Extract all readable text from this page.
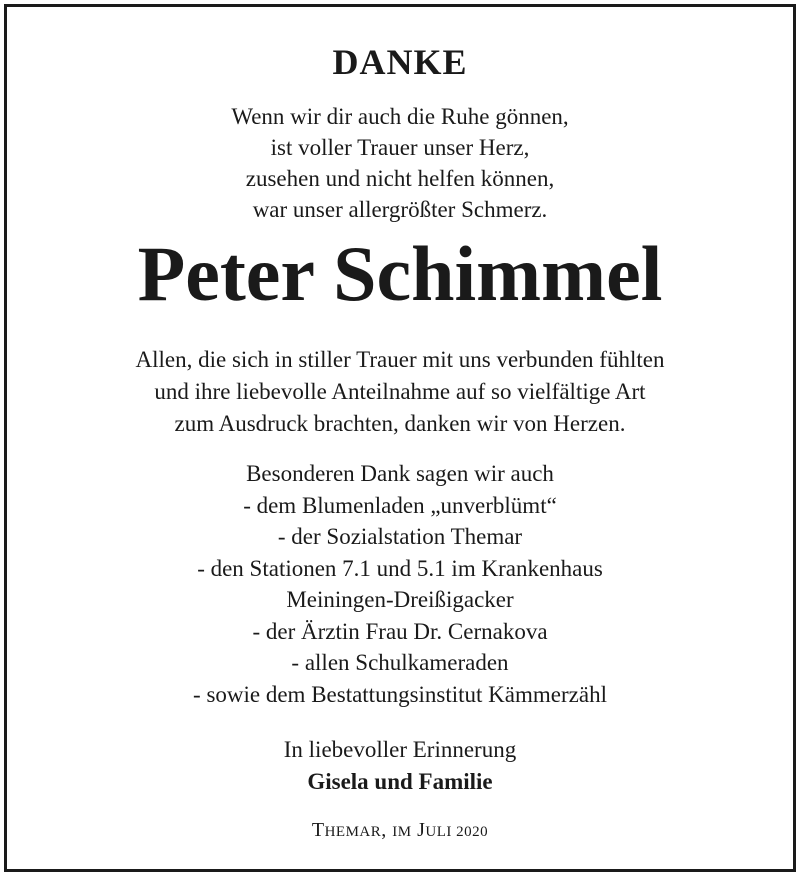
DANKE
Wenn wir dir auch die Ruhe gönnen,
ist voller Trauer unser Herz,
zusehen und nicht helfen können,
war unser allergrößter Schmerz.
Peter Schimmel
Allen, die sich in stiller Trauer mit uns verbunden fühlten
und ihre liebevolle Anteilnahme auf so vielfältige Art
zum Ausdruck brachten, danken wir von Herzen.
Besonderen Dank sagen wir auch
- dem Blumenladen „unverblümt“
- der Sozialstation Themar
- den Stationen 7.1 und 5.1 im Krankenhaus
Meiningen-Dreißigacker
- der Ärztin Frau Dr. Cernakova
- allen Schulkameraden
- sowie dem Bestattungsinstitut Kämmerzähl
In liebevoller Erinnerung
Gisela und Familie
THEMAR, IM JULI 2020
